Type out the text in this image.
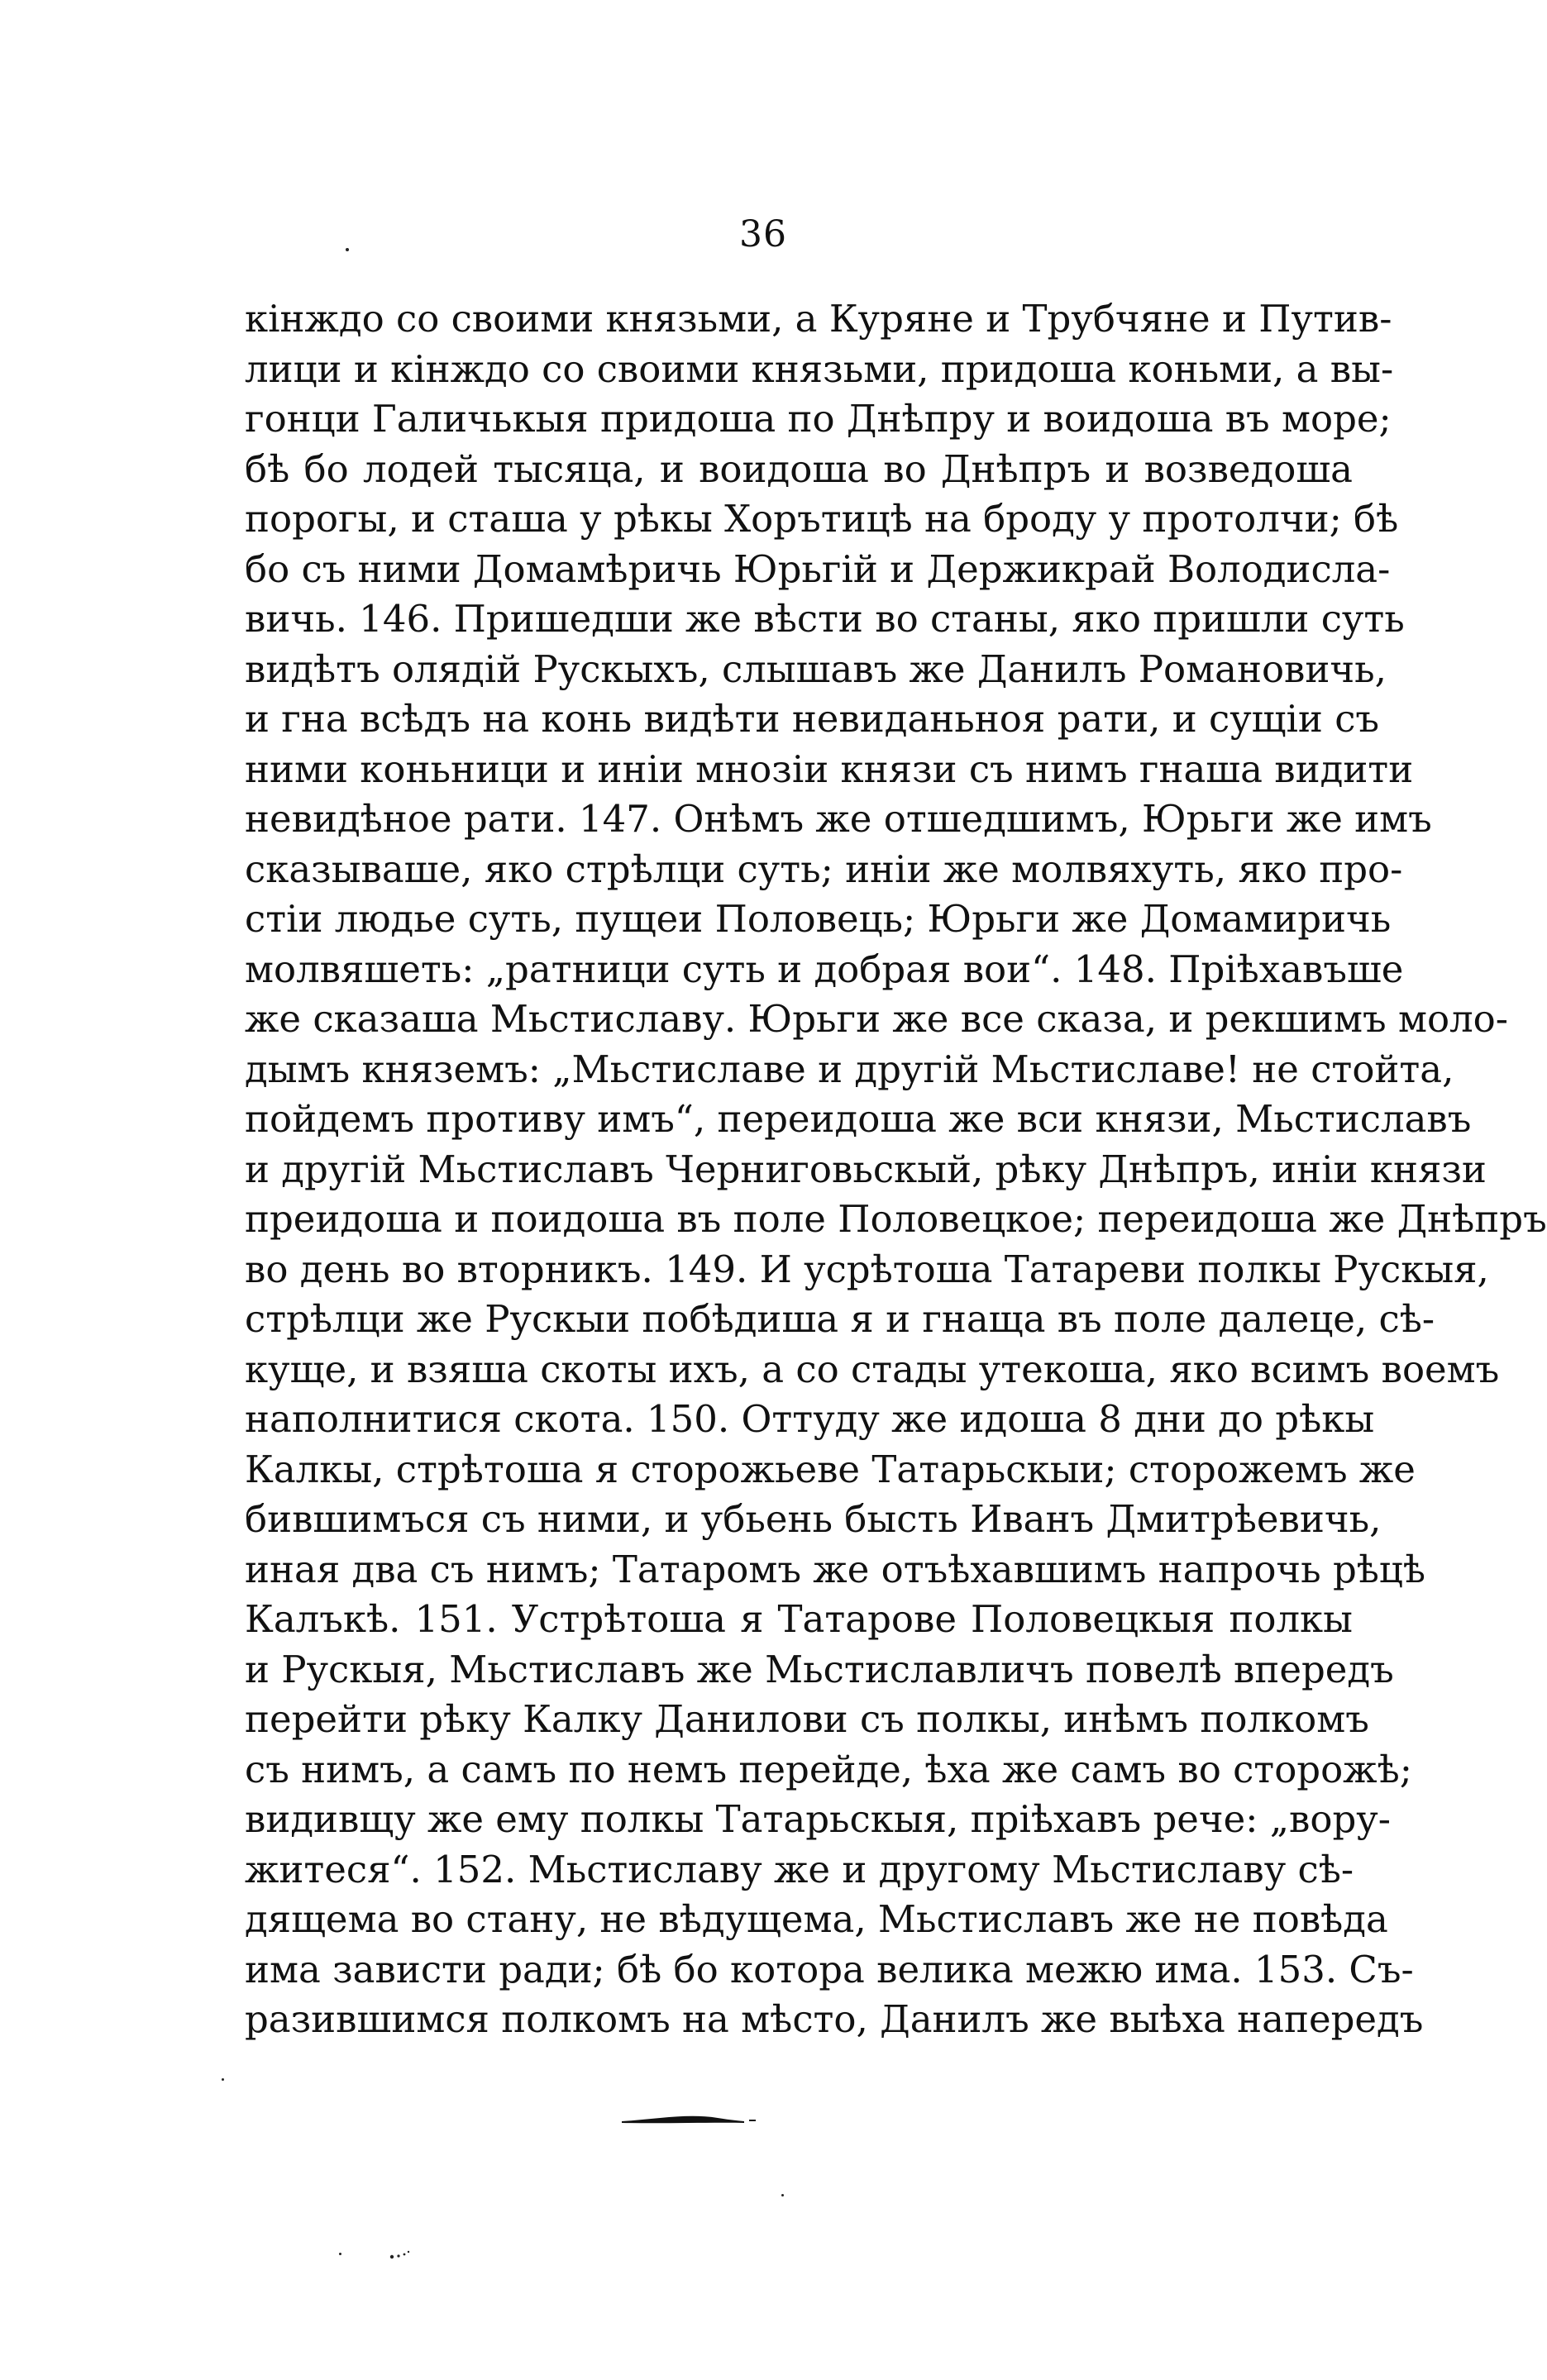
36
кiнждо со своими князьми, а Куряне и Трубчяне и Путив-
лици и кiнждо со своими князьми, придоша коньми, а вы-
гонци Галичькыя придоша по Днѣпру и воидоша въ море;
бѣ бо лодей тысяца, и воидоша во Днѣпръ и возведоша
порогы, и сташа у рѣкы Хорътицѣ на броду у протолчи; бѣ
бо съ ними Домамѣричь Юрьгій и Держикрай Володисла-
вичь. 146. Пришедши же вѣсти во станы, яко пришли суть
видѣтъ олядій Рускыхъ, слышавъ же Данилъ Романовичь,
и гна всѣдъ на конь видѣти невиданьноя рати, и сущiи съ
ними коньници и инiи мнозiи князи съ нимъ гнаша видити
невидѣное рати. 147. Онѣмъ же отшедшимъ, Юрьги же имъ
сказываше, яко стрѣлци суть; инiи же молвяхуть, яко про-
стiи людье суть, пущеи Половець; Юрьги же Домамиричь
молвяшеть: „ратници суть и добрая вои“. 148. Прiѣхавъше
же сказаша Мьстиславу. Юрьги же все сказа, и рекшимъ моло-
дымъ княземъ: „Мьстиславе и другій Мьстиславе! не стойта,
пойдемъ противу имъ“, переидоша же вси князи, Мьстиславъ
и другій Мьстиславъ Черниговьскый, рѣку Днѣпръ, инiи князи
преидоша и поидоша въ поле Половецкое; переидоша же Днѣпръ
во день во вторникъ. 149. И усрѣтоша Татареви полкы Рускыя,
стрѣлци же Рускыи побѣдиша я и гнаща въ поле далеце, сѣ-
куще, и взяша скоты ихъ, а со стады утекоша, яко всимъ воемъ
наполнитися скота. 150. Оттуду же идоша 8 дни до рѣкы
Калкы, стрѣтоша я сторожьеве Татарьскыи; сторожемъ же
бившимъся съ ними, и убьень бысть Иванъ Дмитрѣевичь,
иная два съ нимъ; Татаромъ же отъѣхавшимъ напрочь рѣцѣ
Калъкѣ. 151. Устрѣтоша я Татарове Половецкыя полкы
и Рускыя, Мьстиславъ же Мьстиславличъ повелѣ впередъ
перейти рѣку Калку Данилови съ полкы, инѣмъ полкомъ
съ нимъ, а самъ по немъ перейде, ѣха же самъ во сторожѣ;
видивщу же ему полкы Татарьскыя, прiѣхавъ рече: „вору-
житеся“. 152. Мьстиславу же и другому Мьстиславу сѣ-
дящема во стану, не вѣдущема, Мьстиславъ же не повѣда
има зависти ради; бѣ бо котора велика межю има. 153. Съ-
разившимся полкомъ на мѣсто, Данилъ же выѣха напередъ
